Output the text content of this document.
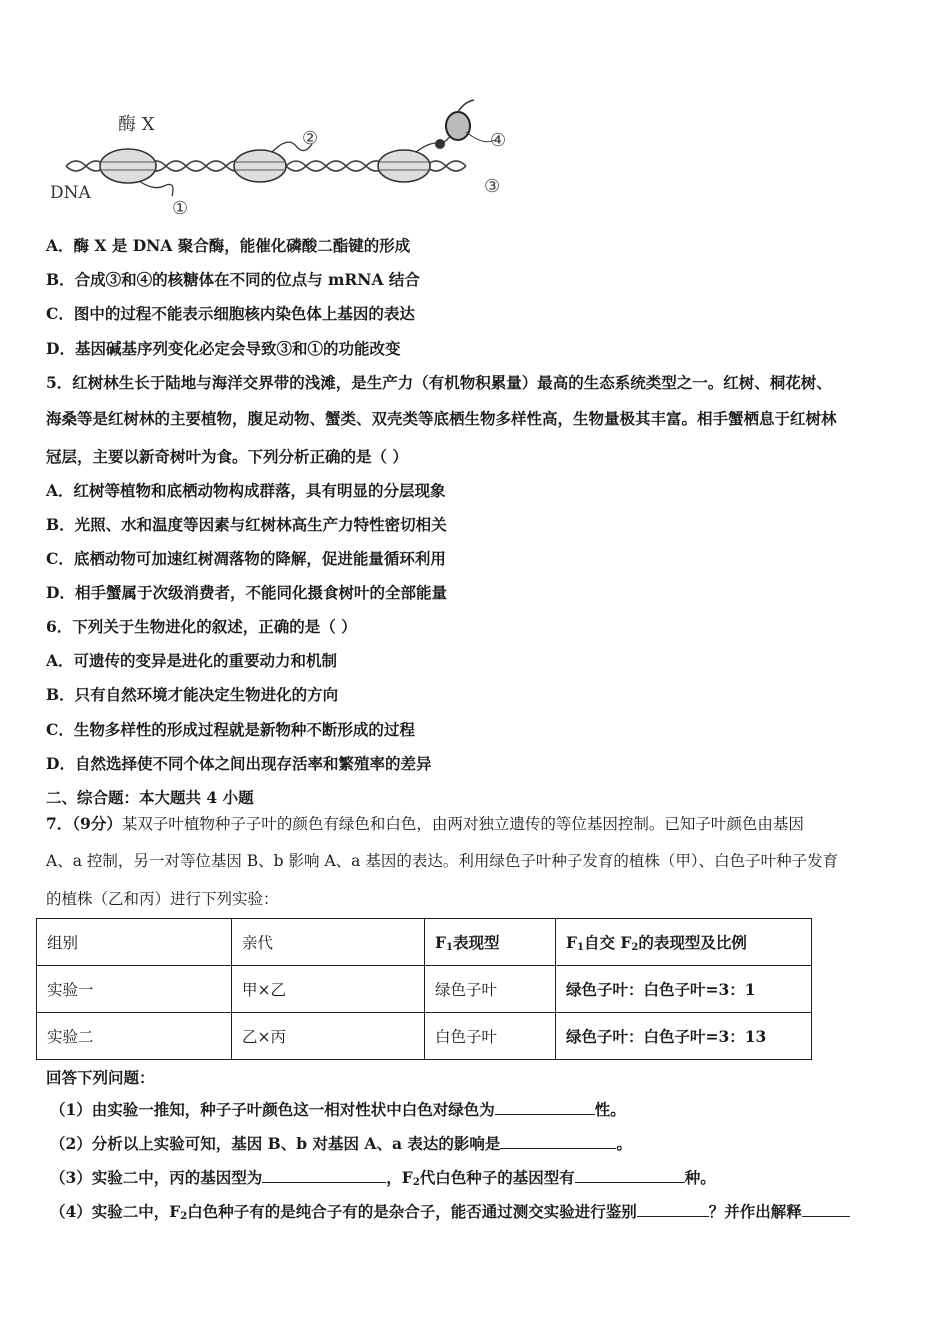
酶 X
DNA
①
②
③
④
A．酶 X 是 DNA 聚合酶，能催化磷酸二酯键的形成
B．合成③和④的核糖体在不同的位点与 mRNA 结合
C．图中的过程不能表示细胞核内染色体上基因的表达
D．基因碱基序列变化必定会导致③和①的功能改变
5．红树林生长于陆地与海洋交界带的浅滩，是生产力（有机物积累量）最高的生态系统类型之一。红树、桐花树、
海桑等是红树林的主要植物，腹足动物、蟹类、双壳类等底栖生物多样性高，生物量极其丰富。相手蟹栖息于红树林
冠层，主要以新奇树叶为食。下列分析正确的是（ ）
A．红树等植物和底栖动物构成群落，具有明显的分层现象
B．光照、水和温度等因素与红树林高生产力特性密切相关
C．底栖动物可加速红树凋落物的降解，促进能量循环利用
D．相手蟹属于次级消费者，不能同化摄食树叶的全部能量
6．下列关于生物进化的叙述，正确的是（ ）
A．可遗传的变异是进化的重要动力和机制
B．只有自然环境才能决定生物进化的方向
C．生物多样性的形成过程就是新物种不断形成的过程
D．自然选择使不同个体之间出现存活率和繁殖率的差异
二、综合题：本大题共 4 小题
7．（9分）某双子叶植物种子子叶的颜色有绿色和白色，由两对独立遗传的等位基因控制。已知子叶颜色由基因
A、a 控制，另一对等位基因 B、b 影响 A、a 基因的表达。利用绿色子叶种子发育的植株（甲）、白色子叶种子发育
的植株（乙和丙）进行下列实验：
组别	亲代	$F_1$表现型	$F_1$自交 $F_2$的表现型及比例
实验一	甲×乙	绿色子叶	绿色子叶：白色子叶=3：1
实验二	乙×丙	白色子叶	绿色子叶：白色子叶=3：13
回答下列问题：
（1）由实验一推知，种子子叶颜色这一相对性状中白色对绿色为	性。
（2）分析以上实验可知，基因 B、b 对基因 A、a 表达的影响是	。
（3）实验二中，丙的基因型为	，$F_2$代白色种子的基因型有	种。
（4）实验二中，$F_2$白色种子有的是纯合子有的是杂合子，能否通过测交实验进行鉴别	？并作出解释
